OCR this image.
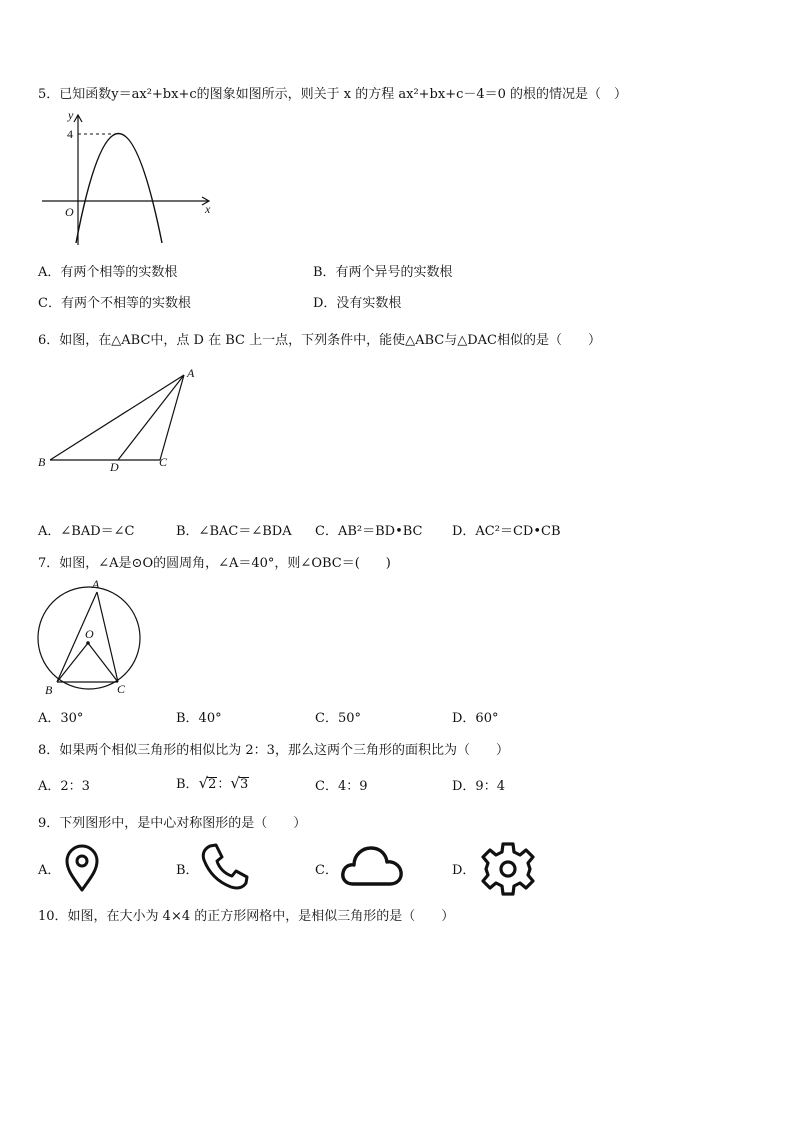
5．已知函数y＝ax²+bx+c的图象如图所示，则关于 x 的方程 ax²+bx+c－4＝0 的根的情况是（　）
y
x
O
4
A．有两个相等的实数根	B．有两个异号的实数根
C．有两个不相等的实数根	D．没有实数根
6．如图，在△ABC中，点 D 在 BC 上一点，下列条件中，能使△ABC与△DAC相似的是（　　）
A
B	C
D
A．∠BAD＝∠C	B．∠BAC＝∠BDA C．AB²＝BD•BC D．AC²＝CD•CB
7．如图，∠A是⊙O的圆周角，∠A＝40°，则∠OBC＝(　　)
A
O
B	C
A．30°	B．40°	C．50°	D．60°
8．如果两个相似三角形的相似比为 2：3，那么这两个三角形的面积比为（　　）
A．2：3	B．√2：√3	C．4：9	D．9：4
9．下列图形中，是中心对称图形的是（　　）
A．	B．	C．	D．
10．如图，在大小为 4×4 的正方形网格中，是相似三角形的是（　　）
